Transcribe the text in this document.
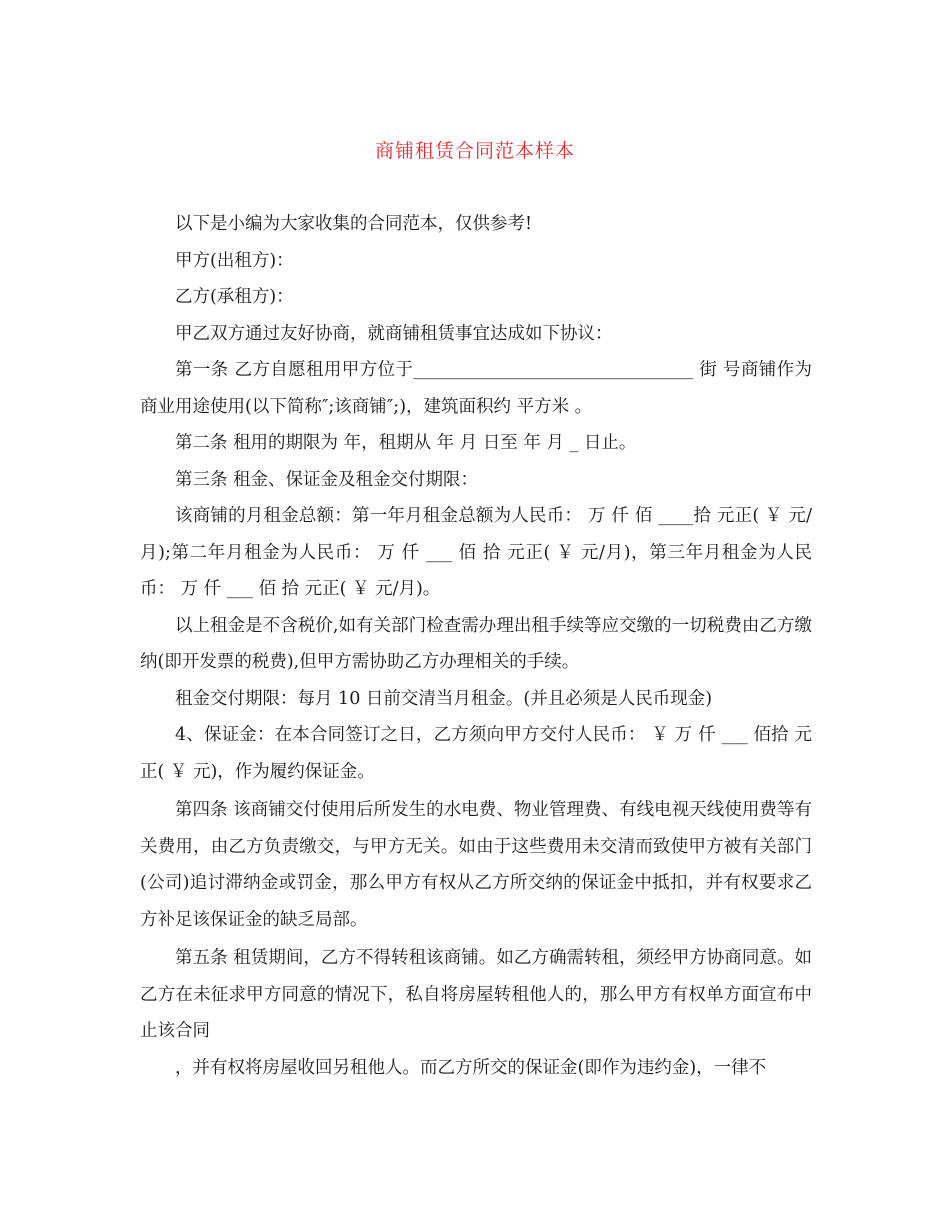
商铺租赁合同范本样本

以下是小编为大家收集的合同范本，仅供参考!

甲方(出租方)：

乙方(承租方)：

甲乙双方通过友好协商，就商铺租赁事宜达成如下协议：

第一条 乙方自愿租用甲方位于________________________________ 街 号商铺作为商业用途使用(以下简称″;该商铺″;)，建筑面积约 平方米 。

第二条 租用的期限为 年，租期从 年 月 日至 年 月 _ 日止。

第三条 租金、保证金及租金交付期限：

该商铺的月租金总额：第一年月租金总额为人民币： 万 仟 佰 ____拾 元正( ￥ 元/月);第二年月租金为人民币： 万 仟 ___ 佰 拾 元正( ￥ 元/月)，第三年月租金为人民币： 万 仟 ___ 佰 拾 元正( ￥ 元/月)。

以上租金是不含税价,如有关部门检查需办理出租手续等应交缴的一切税费由乙方缴纳(即开发票的税费),但甲方需协助乙方办理相关的手续。

租金交付期限：每月 10 日前交清当月租金。(并且必须是人民币现金)

4、保证金：在本合同签订之日，乙方须向甲方交付人民币： ￥ 万 仟 ___ 佰拾 元正( ￥ 元)，作为履约保证金。

第四条 该商铺交付使用后所发生的水电费、物业管理费、有线电视天线使用费等有关费用，由乙方负责缴交，与甲方无关。如由于这些费用未交清而致使甲方被有关部门(公司)追讨滞纳金或罚金，那么甲方有权从乙方所交纳的保证金中抵扣，并有权要求乙方补足该保证金的缺乏局部。

第五条 租赁期间，乙方不得转租该商铺。如乙方确需转租，须经甲方协商同意。如乙方在未征求甲方同意的情况下，私自将房屋转租他人的，那么甲方有权单方面宣布中止该合同

，并有权将房屋收回另租他人。而乙方所交的保证金(即作为违约金)，一律不
